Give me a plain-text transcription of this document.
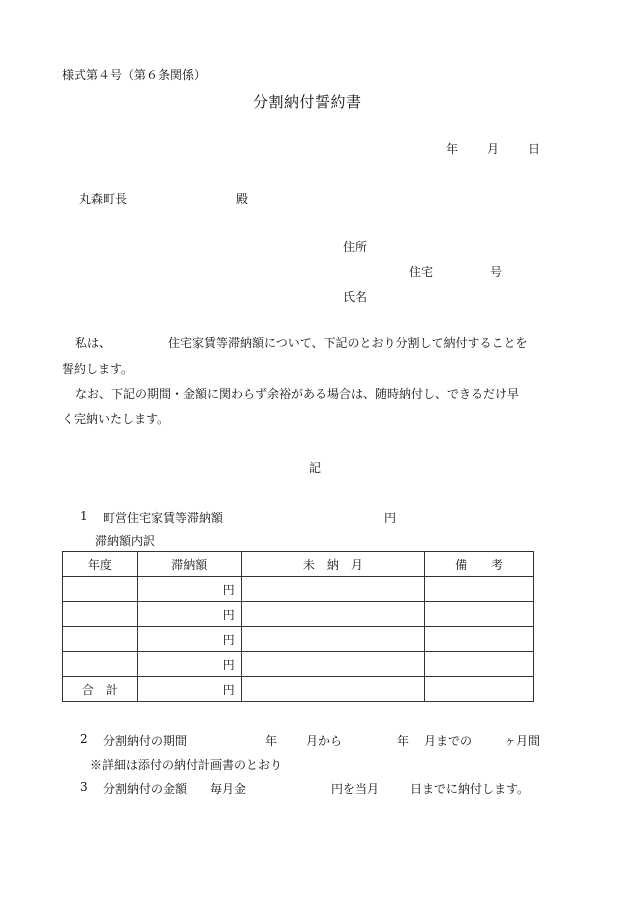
様式第４号（第６条関係）
分割納付誓約書
年 月 日
丸森町長	殿
住所
住宅	号
氏名
私は、	住宅家賃等滞納額について、下記のとおり分割して納付することを
誓約します。
なお、下記の期間・金額に関わらず余裕がある場合は、随時納付し、できるだけ早
く完納いたします。
記
1 町営住宅家賃等滞納額	円
滞納額内訳
年度	滞納額	未　納　月	備　　考
	円		
	円		
	円		
	円		
合　計	円		
2 分割納付の期間	年 月から	年 月までの	ヶ月間
※詳細は添付の納付計画書のとおり
3 分割納付の金額 毎月金	円を当月	日までに納付します。
